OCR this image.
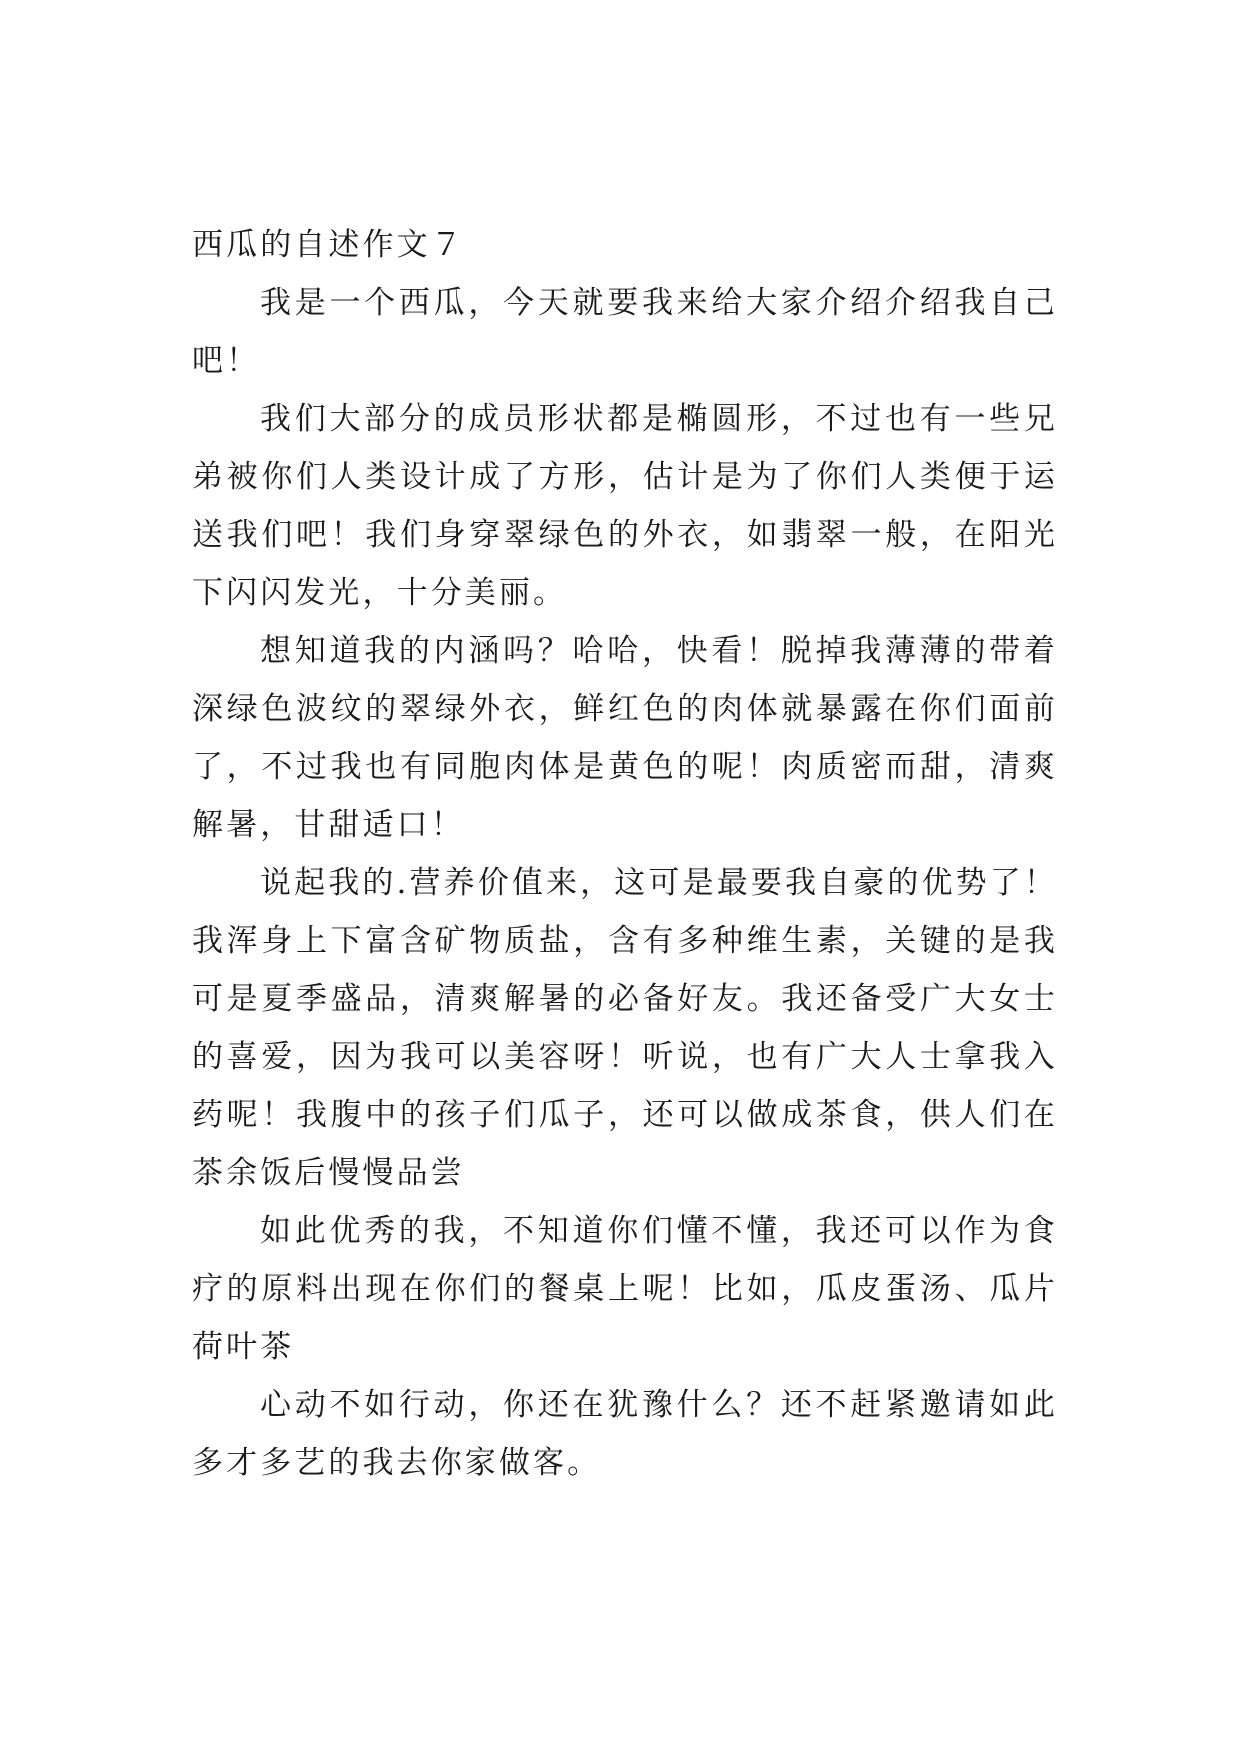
西瓜的自述作文７

我是一个西瓜，今天就要我来给大家介绍介绍我自己吧！

我们大部分的成员形状都是椭圆形，不过也有一些兄弟被你们人类设计成了方形，估计是为了你们人类便于运送我们吧！我们身穿翠绿色的外衣，如翡翠一般，在阳光下闪闪发光，十分美丽。

想知道我的内涵吗？哈哈，快看！脱掉我薄薄的带着深绿色波纹的翠绿外衣，鲜红色的肉体就暴露在你们面前了，不过我也有同胞肉体是黄色的呢！肉质密而甜，清爽解暑，甘甜适口！

说起我的.营养价值来，这可是最要我自豪的优势了！我浑身上下富含矿物质盐，含有多种维生素，关键的是我可是夏季盛品，清爽解暑的必备好友。我还备受广大女士的喜爱，因为我可以美容呀！听说，也有广大人士拿我入药呢！我腹中的孩子们瓜子，还可以做成茶食，供人们在茶余饭后慢慢品尝

如此优秀的我，不知道你们懂不懂，我还可以作为食疗的原料出现在你们的餐桌上呢！比如，瓜皮蛋汤、瓜片荷叶茶

心动不如行动，你还在犹豫什么？还不赶紧邀请如此多才多艺的我去你家做客。
